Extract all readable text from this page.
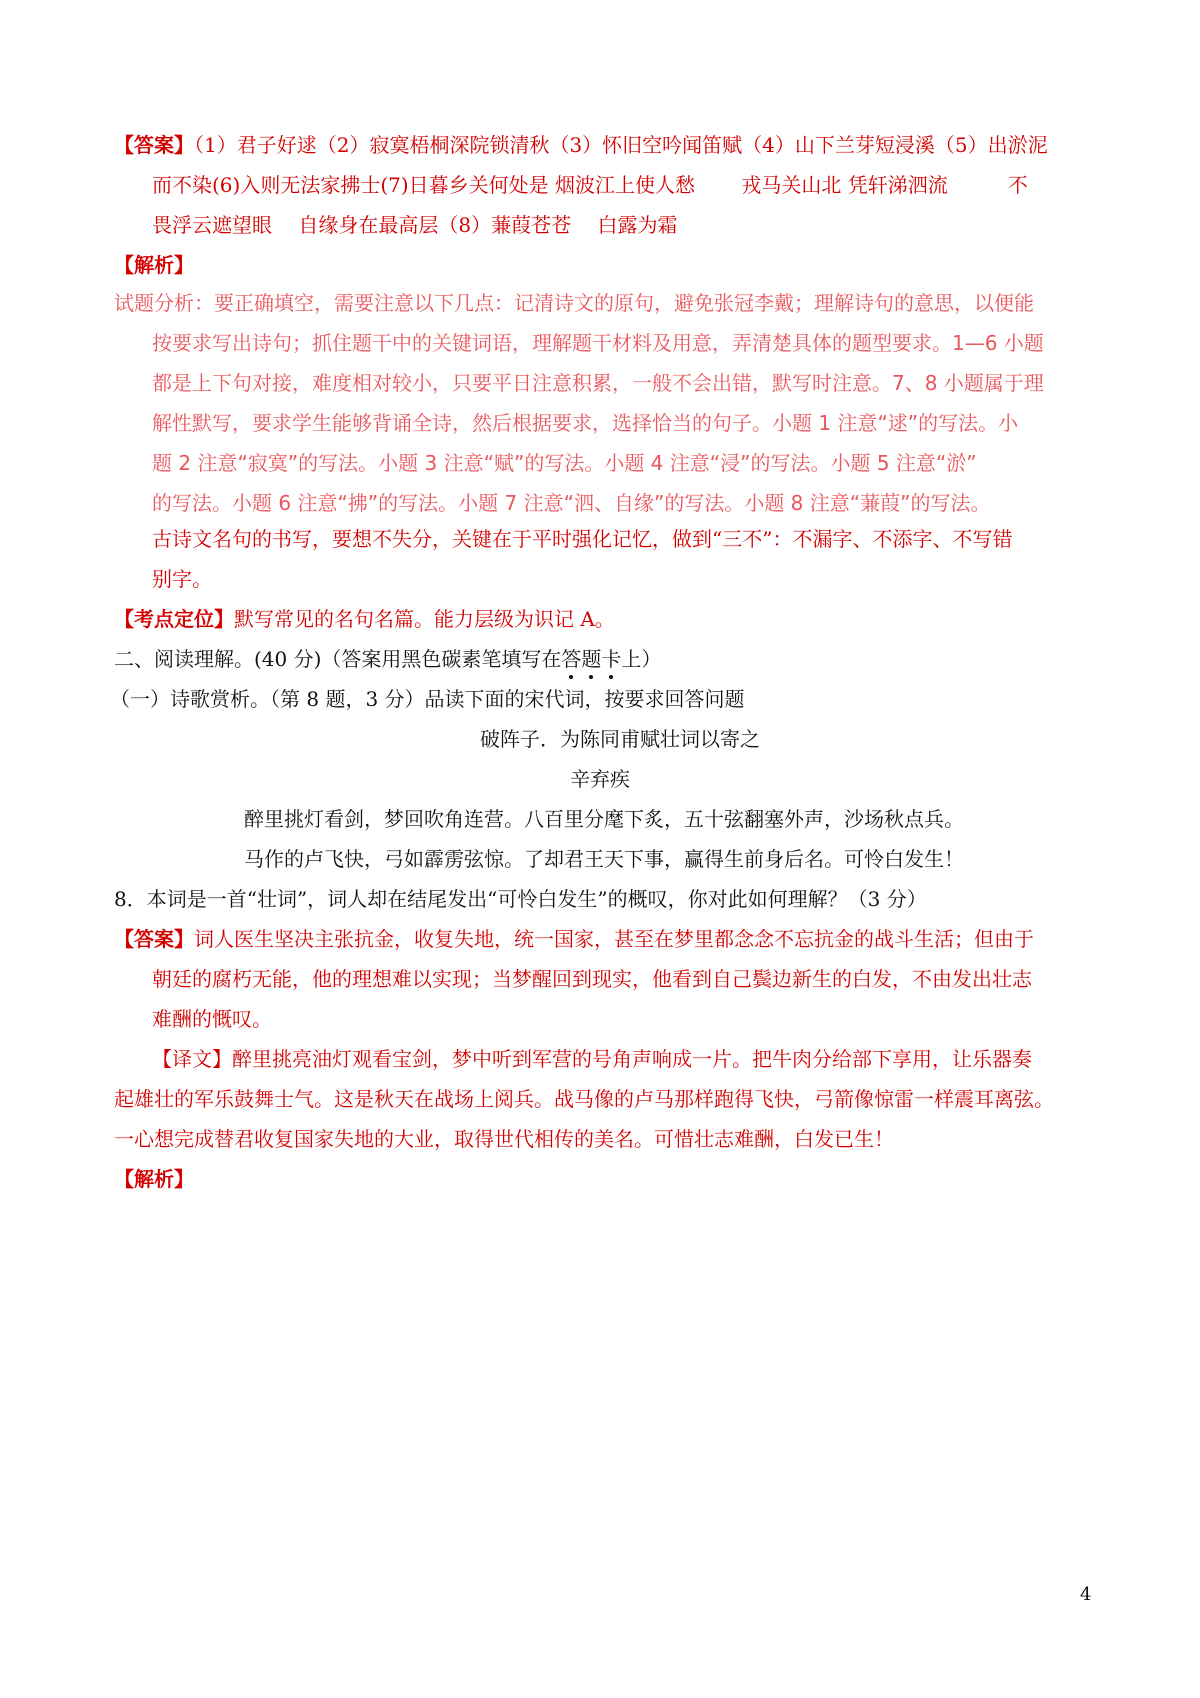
【答案】（1）君子好逑（2）寂寞梧桐深院锁清秋（3）怀旧空吟闻笛赋（4）山下兰芽短浸溪（5）出淤泥

而不染(6)入则无法家拂士(7)日暮乡关何处是 烟波江上使人愁　　 戎马关山北 凭轩涕泗流　　　不

畏浮云遮望眼　 自缘身在最高层（8）蒹葭苍苍　 白露为霜

【解析】

试题分析：要正确填空，需要注意以下几点：记清诗文的原句，避免张冠李戴；理解诗句的意思，以便能

按要求写出诗句；抓住题干中的关键词语，理解题干材料及用意，弄清楚具体的题型要求。1—6 小题

都是上下句对接，难度相对较小，只要平日注意积累，一般不会出错，默写时注意。7、8 小题属于理

解性默写，要求学生能够背诵全诗，然后根据要求，选择恰当的句子。小题 1 注意“逑”的写法。小

题 2 注意“寂寞”的写法。小题 3 注意“赋”的写法。小题 4 注意“浸”的写法。小题 5 注意“淤”

的写法。小题 6 注意“拂”的写法。小题 7 注意“泗、自缘”的写法。小题 8 注意“蒹葭”的写法。

古诗文名句的书写，要想不失分，关键在于平时强化记忆，做到“三不”：不漏字、不添字、不写错

别字。

【考点定位】默写常见的名句名篇。能力层级为识记 A。

二、阅读理解。(40 分)（答案用黑色碳素笔填写在答题卡
上）

（一）诗歌赏析。（第 8 题，3 分）品读下面的宋代词，按要求回答问题

破阵子．为陈同甫赋壮词以寄之

辛弃疾

醉里挑灯看剑，梦回吹角连营。八百里分麾下炙，五十弦翻塞外声，沙场秋点兵。

马作的卢飞快，弓如霹雳弦惊。了却君王天下事，赢得生前身后名。可怜白发生！

8．本词是一首“壮词”，词人却在结尾发出“可怜白发生”的概叹，你对此如何理解？（3 分）

【答案】词人医生坚决主张抗金，收复失地，统一国家，甚至在梦里都念念不忘抗金的战斗生活；但由于

朝廷的腐朽无能，他的理想难以实现；当梦醒回到现实，他看到自己鬓边新生的白发，不由发出壮志

难酬的慨叹。

【译文】醉里挑亮油灯观看宝剑，梦中听到军营的号角声响成一片。把牛肉分给部下享用，让乐器奏

起雄壮的军乐鼓舞士气。这是秋天在战场上阅兵。战马像的卢马那样跑得飞快，弓箭像惊雷一样震耳离弦。

一心想完成替君收复国家失地的大业，取得世代相传的美名。可惜壮志难酬，白发已生！

【解析】

4
